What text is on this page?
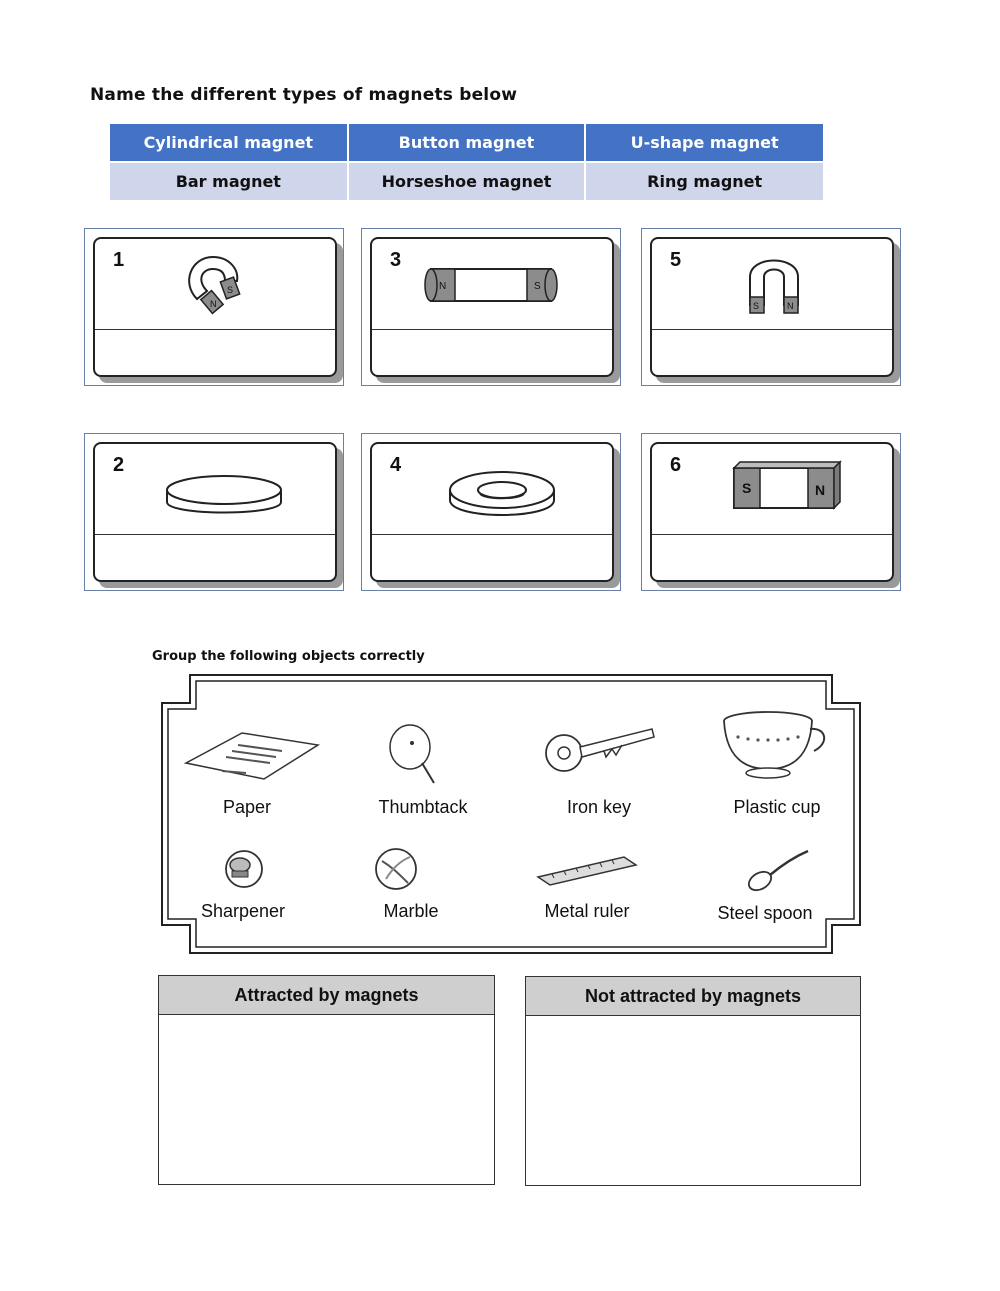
Name the different types of magnets below
Cylindrical magnet	Button magnet	U-shape magnet
Bar magnet	Horseshoe magnet	Ring magnet
1
S
N
3
N	S
5
S	N
2	4	6
S	N
Group the following objects correctly
Paper	Thumbtack	Iron key	Plastic cup
Sharpener	Marble	Metal ruler	Steel spoon
Attracted by magnets	Not attracted by magnets
